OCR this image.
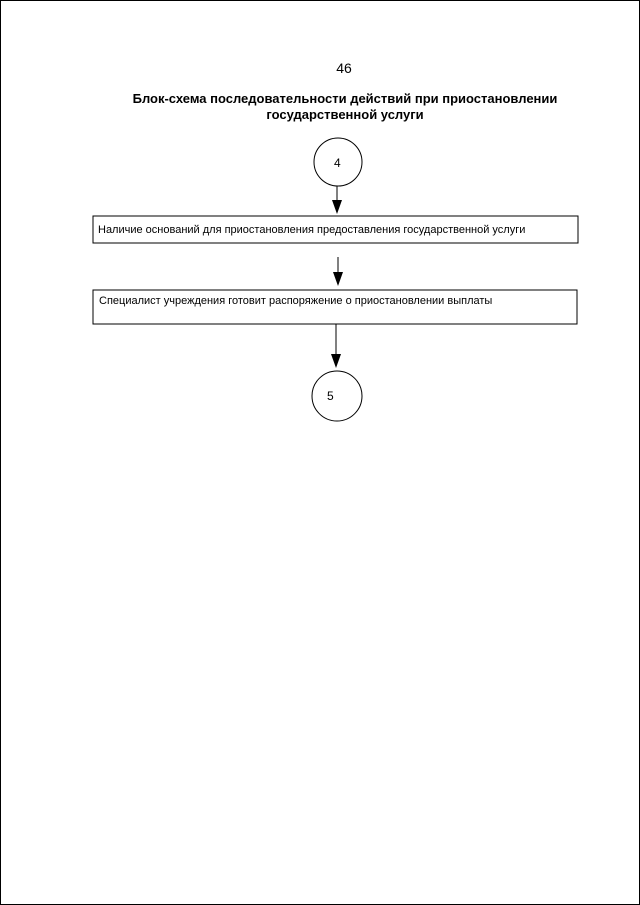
46
Блок-схема последовательности действий при приостановлении
государственной услуги
4
5
Наличие оснований для приостановления предоставления государственной услуги
Специалист учреждения готовит распоряжение о приостановлении выплаты
